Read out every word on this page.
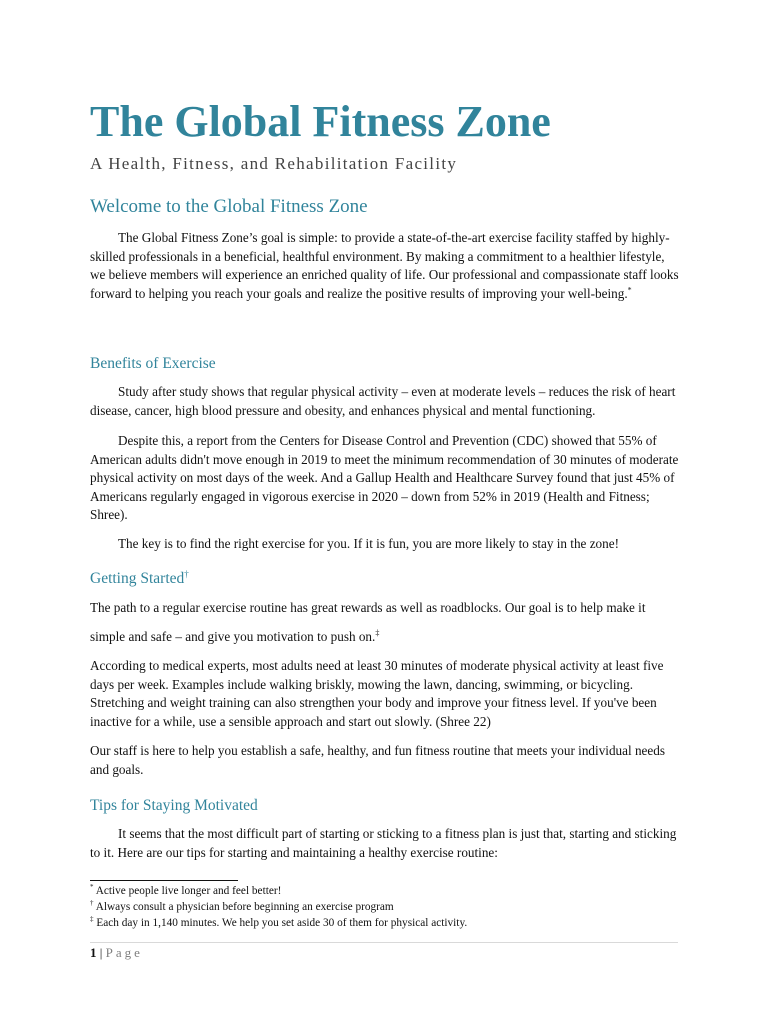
The Global Fitness Zone
A Health, Fitness, and Rehabilitation Facility
Welcome to the Global Fitness Zone
The Global Fitness Zone’s goal is simple: to provide a state-of-the-art exercise facility staffed by highly-skilled professionals in a beneficial, healthful environment. By making a commitment to a healthier lifestyle, we believe members will experience an enriched quality of life. Our professional and compassionate staff looks forward to helping you reach your goals and realize the positive results of improving your well-being.*
Benefits of Exercise
Study after study shows that regular physical activity – even at moderate levels – reduces the risk of heart disease, cancer, high blood pressure and obesity, and enhances physical and mental functioning.
Despite this, a report from the Centers for Disease Control and Prevention (CDC) showed that 55% of American adults didn't move enough in 2019 to meet the minimum recommendation of 30 minutes of moderate physical activity on most days of the week. And a Gallup Health and Healthcare Survey found that just 45% of Americans regularly engaged in vigorous exercise in 2020 – down from 52% in 2019 (Health and Fitness; Shree).
The key is to find the right exercise for you. If it is fun, you are more likely to stay in the zone!
Getting Started†
The path to a regular exercise routine has great rewards as well as roadblocks. Our goal is to help make it
simple and safe – and give you motivation to push on.‡
According to medical experts, most adults need at least 30 minutes of moderate physical activity at least five days per week. Examples include walking briskly, mowing the lawn, dancing, swimming, or bicycling. Stretching and weight training can also strengthen your body and improve your fitness level. If you've been inactive for a while, use a sensible approach and start out slowly. (Shree 22)
Our staff is here to help you establish a safe, healthy, and fun fitness routine that meets your individual needs and goals.
Tips for Staying Motivated
It seems that the most difficult part of starting or sticking to a fitness plan is just that, starting and sticking to it. Here are our tips for starting and maintaining a healthy exercise routine:
* Active people live longer and feel better!
† Always consult a physician before beginning an exercise program
‡ Each day in 1,140 minutes. We help you set aside 30 of them for physical activity.
1 | Page
